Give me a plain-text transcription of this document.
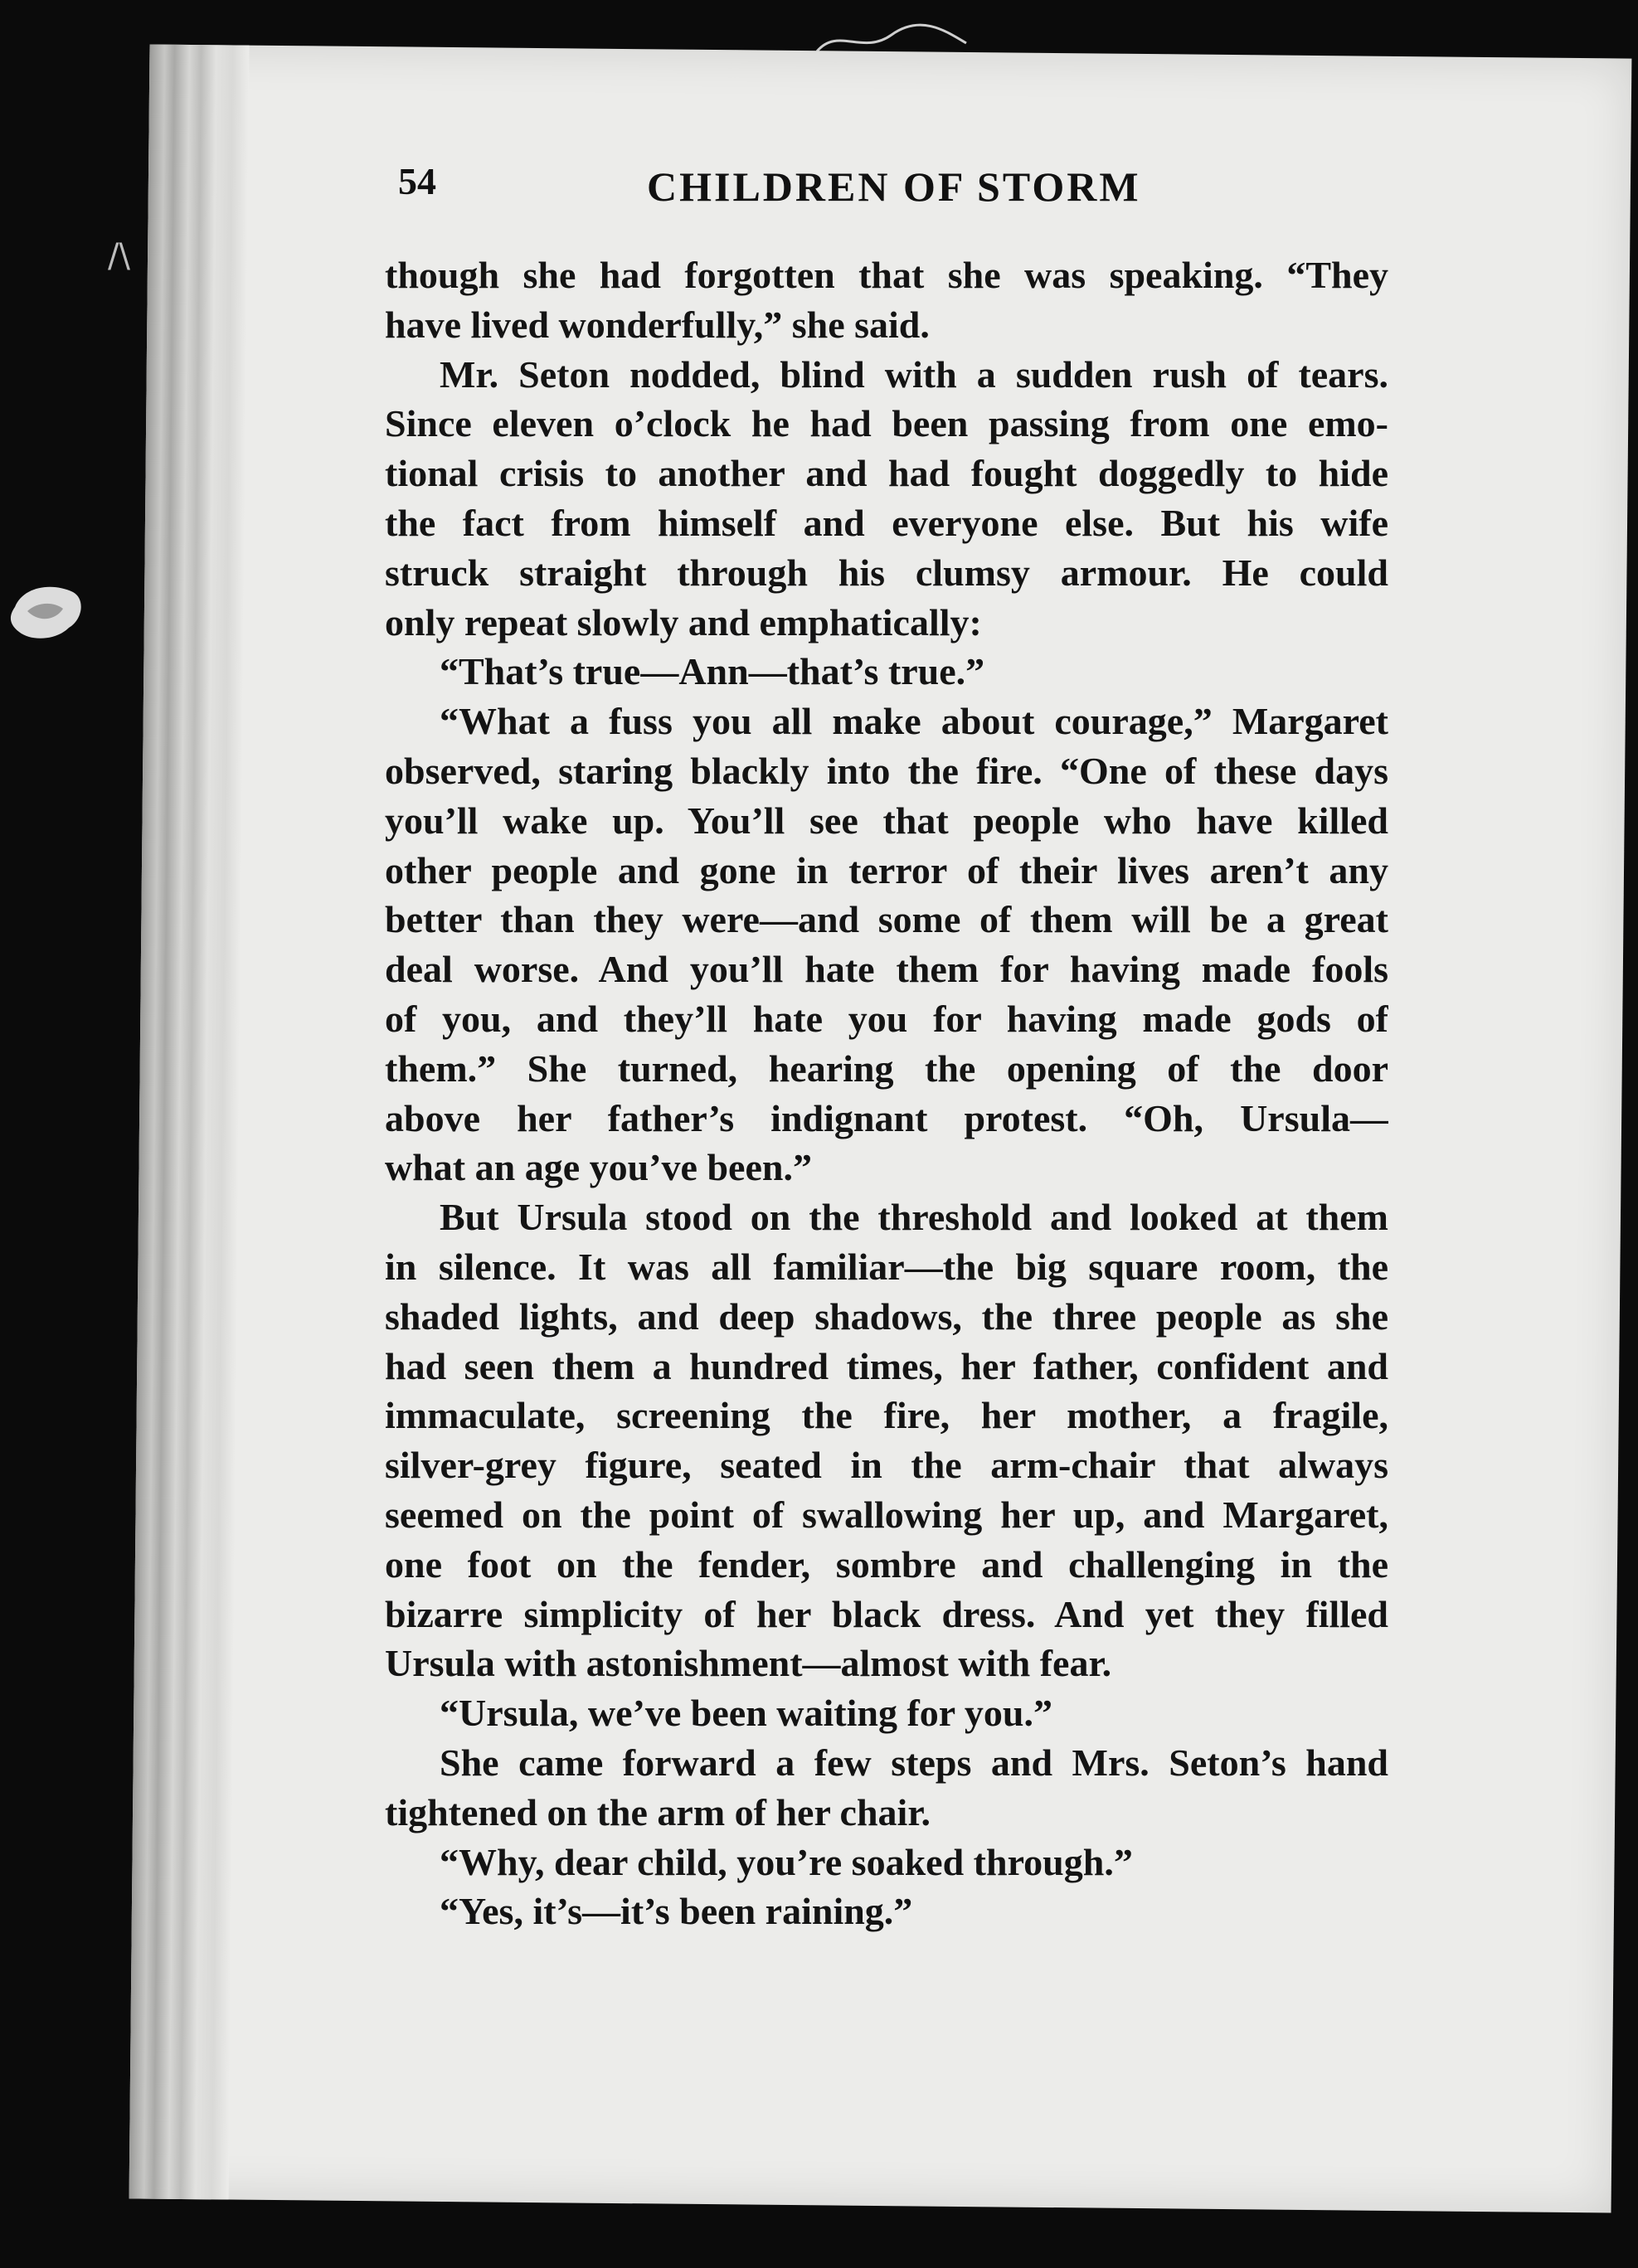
/\
54	CHILDREN OF STORM
though she had forgotten that she was speaking. “They
have lived wonderfully,” she said.
Mr. Seton nodded, blind with a sudden rush of tears.
Since eleven o’clock he had been passing from one emo-
tional crisis to another and had fought doggedly to hide
the fact from himself and everyone else. But his wife
struck straight through his clumsy armour. He could
only repeat slowly and emphatically:
“That’s true—Ann—that’s true.”
“What a fuss you all make about courage,” Margaret
observed, staring blackly into the fire. “One of these days
you’ll wake up. You’ll see that people who have killed
other people and gone in terror of their lives aren’t any
better than they were—and some of them will be a great
deal worse. And you’ll hate them for having made fools
of you, and they’ll hate you for having made gods of
them.” She turned, hearing the opening of the door
above her father’s indignant protest. “Oh, Ursula—
what an age you’ve been.”
But Ursula stood on the threshold and looked at them
in silence. It was all familiar—the big square room, the
shaded lights, and deep shadows, the three people as she
had seen them a hundred times, her father, confident and
immaculate, screening the fire, her mother, a fragile,
silver-grey figure, seated in the arm-chair that always
seemed on the point of swallowing her up, and Margaret,
one foot on the fender, sombre and challenging in the
bizarre simplicity of her black dress. And yet they filled
Ursula with astonishment—almost with fear.
“Ursula, we’ve been waiting for you.”
She came forward a few steps and Mrs. Seton’s hand
tightened on the arm of her chair.
“Why, dear child, you’re soaked through.”
“Yes, it’s—it’s been raining.”
